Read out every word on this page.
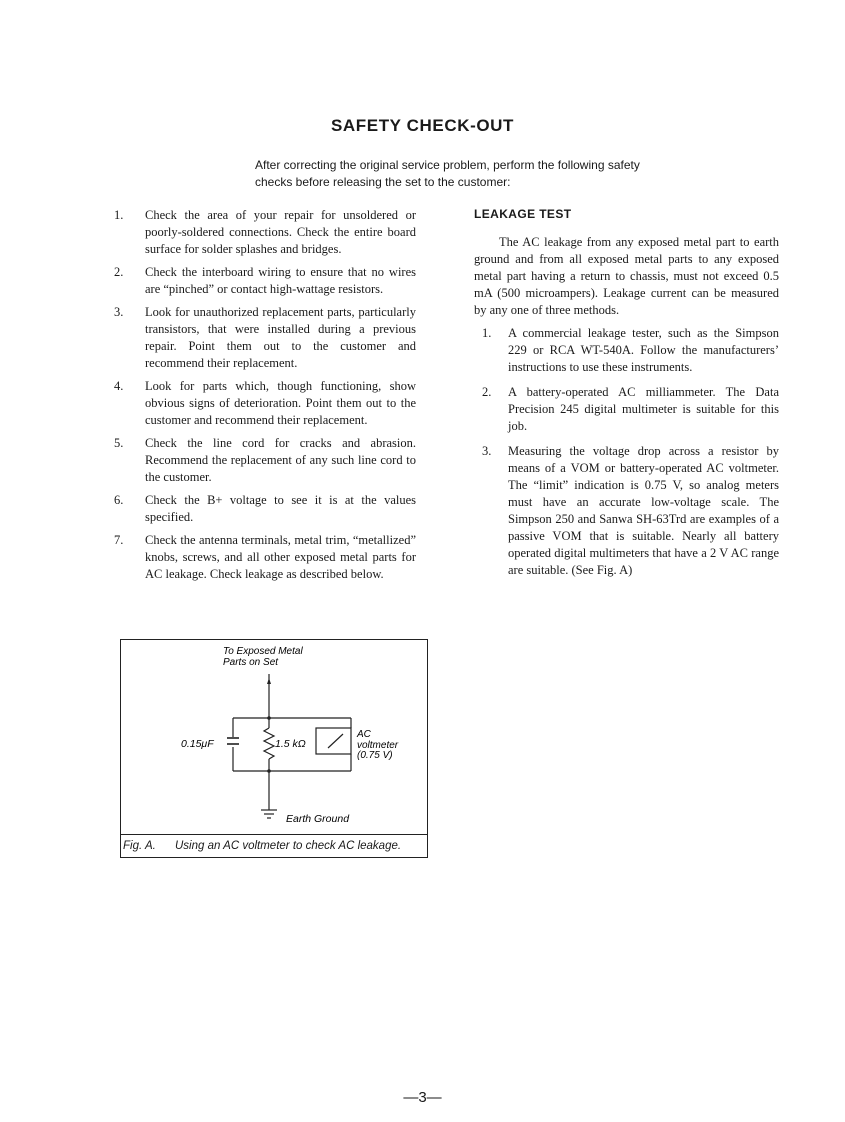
SAFETY CHECK-OUT
After correcting the original service problem, perform the following safety checks before releasing the set to the customer:
1. Check the area of your repair for unsoldered or poorly-soldered connections. Check the entire board surface for solder splashes and bridges.
2. Check the interboard wiring to ensure that no wires are “pinched” or contact high-wattage resistors.
3. Look for unauthorized replacement parts, particularly transistors, that were installed during a previous repair. Point them out to the customer and recommend their replacement.
4. Look for parts which, though functioning, show obvious signs of deterioration. Point them out to the customer and recommend their replacement.
5. Check the line cord for cracks and abrasion. Recommend the replacement of any such line cord to the customer.
6. Check the B+ voltage to see it is at the values specified.
7. Check the antenna terminals, metal trim, “metallized” knobs, screws, and all other exposed metal parts for AC leakage. Check leakage as described below.
LEAKAGE TEST

The AC leakage from any exposed metal part to earth ground and from all exposed metal parts to any exposed metal part having a return to chassis, must not exceed 0.5 mA (500 microampers). Leakage current can be measured by any one of three methods.

1. A commercial leakage tester, such as the Simpson 229 or RCA WT-540A. Follow the manufacturers’ instructions to use these instruments.
2. A battery-operated AC milliammeter. The Data Precision 245 digital multimeter is suitable for this job.
3. Measuring the voltage drop across a resistor by means of a VOM or battery-operated AC voltmeter. The “limit” indication is 0.75 V, so analog meters must have an accurate low-voltage scale. The Simpson 250 and Sanwa SH-63Trd are examples of a passive VOM that is suitable. Nearly all battery operated digital multimeters that have a 2 V AC range are suitable. (See Fig. A)
To Exposed Metal
Parts on Set
0.15μF	1.5 kΩ
AC
voltmeter
(0.75 V)
Earth Ground
Fig. A. Using an AC voltmeter to check AC leakage.
—3—
